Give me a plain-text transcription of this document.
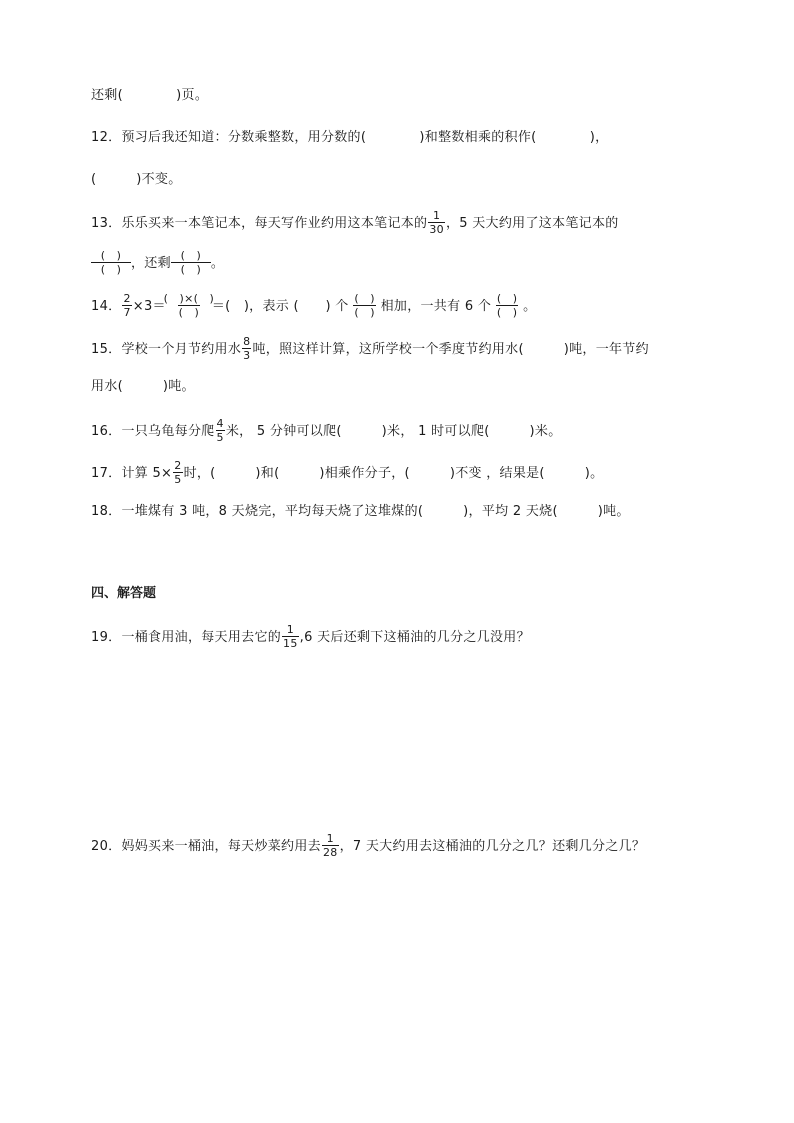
还剩(　　　　)页。
12．预习后我还知道：分数乘整数，用分数的(　　　　)和整数相乘的积作(　　　　)，
(　　　)不变。
13．乐乐买来一本笔记本，每天写作业约用这本笔记本的 $\frac{1}{30}$ ，5 天大约用了这本笔记本的
$\frac{( )}{( )}$ ，还剩 $\frac{( )}{( )}$ 。
14． $\frac{2}{7} \times 3= \frac{( )\times( )}{( )}$ ＝(　)，表示 (　　) 个 $\frac{( )}{( )}$ 相加，一共有 6 个 $\frac{( )}{( )}$ 。
15．学校一个月节约用水 $\frac{8}{3}$ 吨，照这样计算，这所学校一个季度节约用水(　　　)吨，一年节约
用水(　　　)吨。
16．一只乌龟每分爬 $\frac{4}{5}$ 米， 5 分钟可以爬(　　　)米， 1 时可以爬(　　　)米。
17．计算 $5\times \frac{2}{5}$ 时，(　　　)和(　　　)相乘作分子，(　　　)不变 ，结果是(　　　)。
18．一堆煤有 3 吨，8 天烧完，平均每天烧了这堆煤的(　　　)，平均 2 天烧(　　　)吨。
四、解答题
19．一桶食用油，每天用去它的 $\frac{1}{15} ,6$ 天后还剩下这桶油的几分之几没用？
20．妈妈买来一桶油，每天炒菜约用去 $\frac{1}{28}$ ，7 天大约用去这桶油的几分之几？还剩几分之几？
